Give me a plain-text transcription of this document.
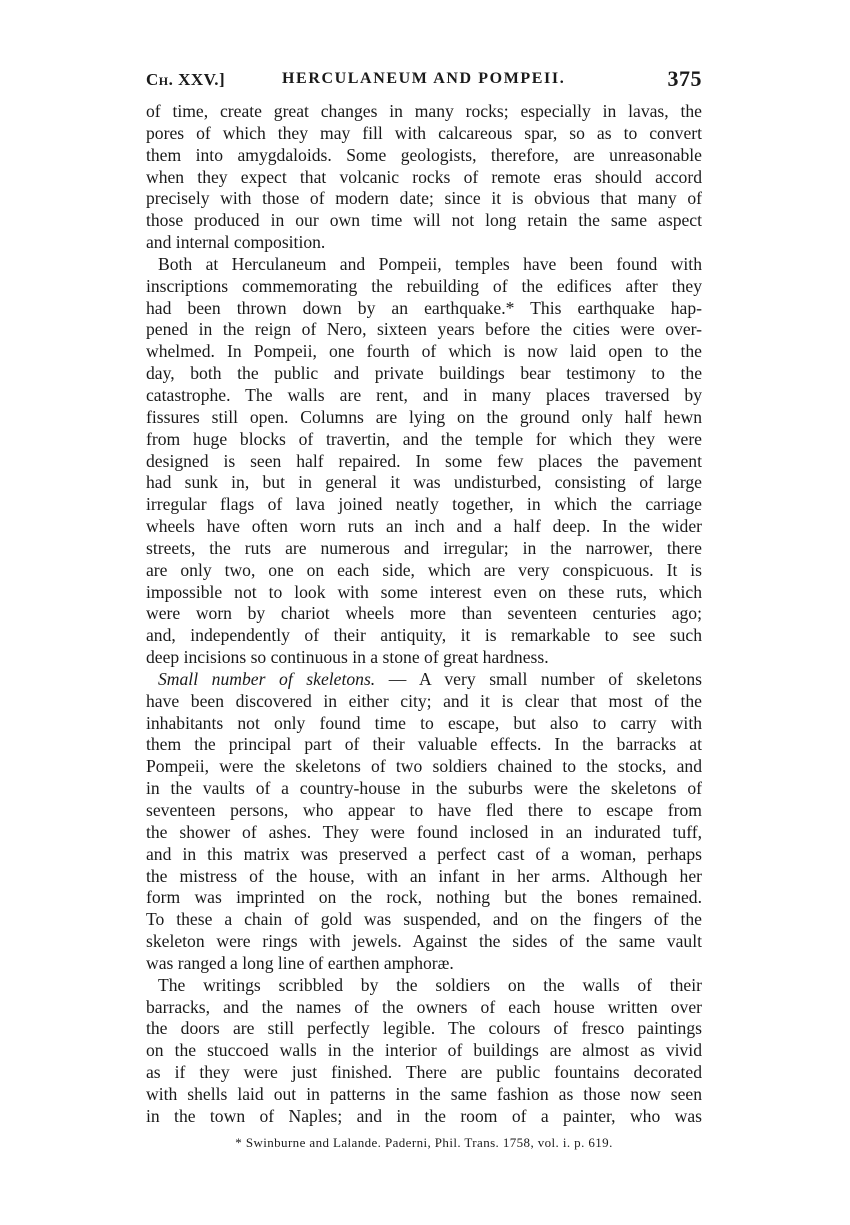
Ch. XXV.]	HERCULANEUM AND POMPEII.	375
of time, create great changes in many rocks; especially in lavas, the
pores of which they may fill with calcareous spar, so as to convert
them into amygdaloids. Some geologists, therefore, are unreasonable
when they expect that volcanic rocks of remote eras should accord
precisely with those of modern date; since it is obvious that many of
those produced in our own time will not long retain the same aspect
and internal composition.
Both at Herculaneum and Pompeii, temples have been found with
inscriptions commemorating the rebuilding of the edifices after they
had been thrown down by an earthquake.* This earthquake hap-
pened in the reign of Nero, sixteen years before the cities were over-
whelmed. In Pompeii, one fourth of which is now laid open to the
day, both the public and private buildings bear testimony to the
catastrophe. The walls are rent, and in many places traversed by
fissures still open. Columns are lying on the ground only half hewn
from huge blocks of travertin, and the temple for which they were
designed is seen half repaired. In some few places the pavement
had sunk in, but in general it was undisturbed, consisting of large
irregular flags of lava joined neatly together, in which the carriage
wheels have often worn ruts an inch and a half deep. In the wider
streets, the ruts are numerous and irregular; in the narrower, there
are only two, one on each side, which are very conspicuous. It is
impossible not to look with some interest even on these ruts, which
were worn by chariot wheels more than seventeen centuries ago;
and, independently of their antiquity, it is remarkable to see such
deep incisions so continuous in a stone of great hardness.
Small number of skeletons. — A very small number of skeletons
have been discovered in either city; and it is clear that most of the
inhabitants not only found time to escape, but also to carry with
them the principal part of their valuable effects. In the barracks at
Pompeii, were the skeletons of two soldiers chained to the stocks, and
in the vaults of a country-house in the suburbs were the skeletons of
seventeen persons, who appear to have fled there to escape from
the shower of ashes. They were found inclosed in an indurated tuff,
and in this matrix was preserved a perfect cast of a woman, perhaps
the mistress of the house, with an infant in her arms. Although her
form was imprinted on the rock, nothing but the bones remained.
To these a chain of gold was suspended, and on the fingers of the
skeleton were rings with jewels. Against the sides of the same vault
was ranged a long line of earthen amphoræ.
The writings scribbled by the soldiers on the walls of their
barracks, and the names of the owners of each house written over
the doors are still perfectly legible. The colours of fresco paintings
on the stuccoed walls in the interior of buildings are almost as vivid
as if they were just finished. There are public fountains decorated
with shells laid out in patterns in the same fashion as those now seen
in the town of Naples; and in the room of a painter, who was
* Swinburne and Lalande. Paderni, Phil. Trans. 1758, vol. i. p. 619.
